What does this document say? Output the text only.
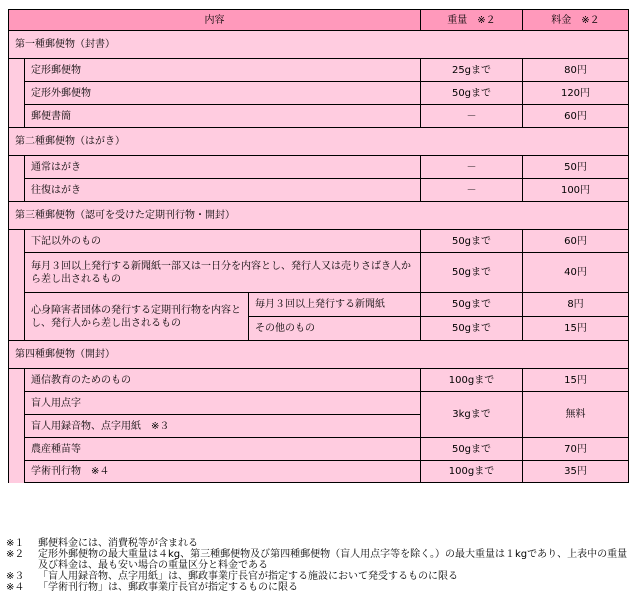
内容			重量　※２	料金　※２
第一種郵便物（封書）				
	定形郵便物		25gまで	80円
	定形外郵便物		50gまで	120円
	郵便書簡		－	60円
第二種郵便物（はがき）				
	通常はがき		－	50円
	往復はがき		－	100円
第三種郵便物（認可を受けた定期刊行物・開封）				
	下記以外のもの		50gまで	60円
	毎月３回以上発行する新聞紙一部又は一日分を内容とし、発行人又は売りさばき人から差し出されるもの		50gまで	40円
	心身障害者団体の発行する定期刊行物を内容とし、発行人から差し出されるもの	毎月３回以上発行する新聞紙	50gまで	8円
		その他のもの	50gまで	15円
第四種郵便物（開封）				
	通信教育のためのもの		100gまで	15円
	盲人用点字		3kgまで	無料
	盲人用録音物、点字用紙　※３			
	農産種苗等		50gまで	70円
	学術刊行物　※４		100gまで	35円
※１ 郵便料金には、消費税等が含まれる
※２ 定形外郵便物の最大重量は４kg、第三種郵便物及び第四種郵便物（盲人用点字等を除く。）の最大重量は１kgであり、上表中の重量及び料金は、最も安い場合の重量区分と料金である
※３ 「盲人用録音物、点字用紙」は、郵政事業庁長官が指定する施設において発受するものに限る
※４ 「学術刊行物」は、郵政事業庁長官が指定するものに限る
